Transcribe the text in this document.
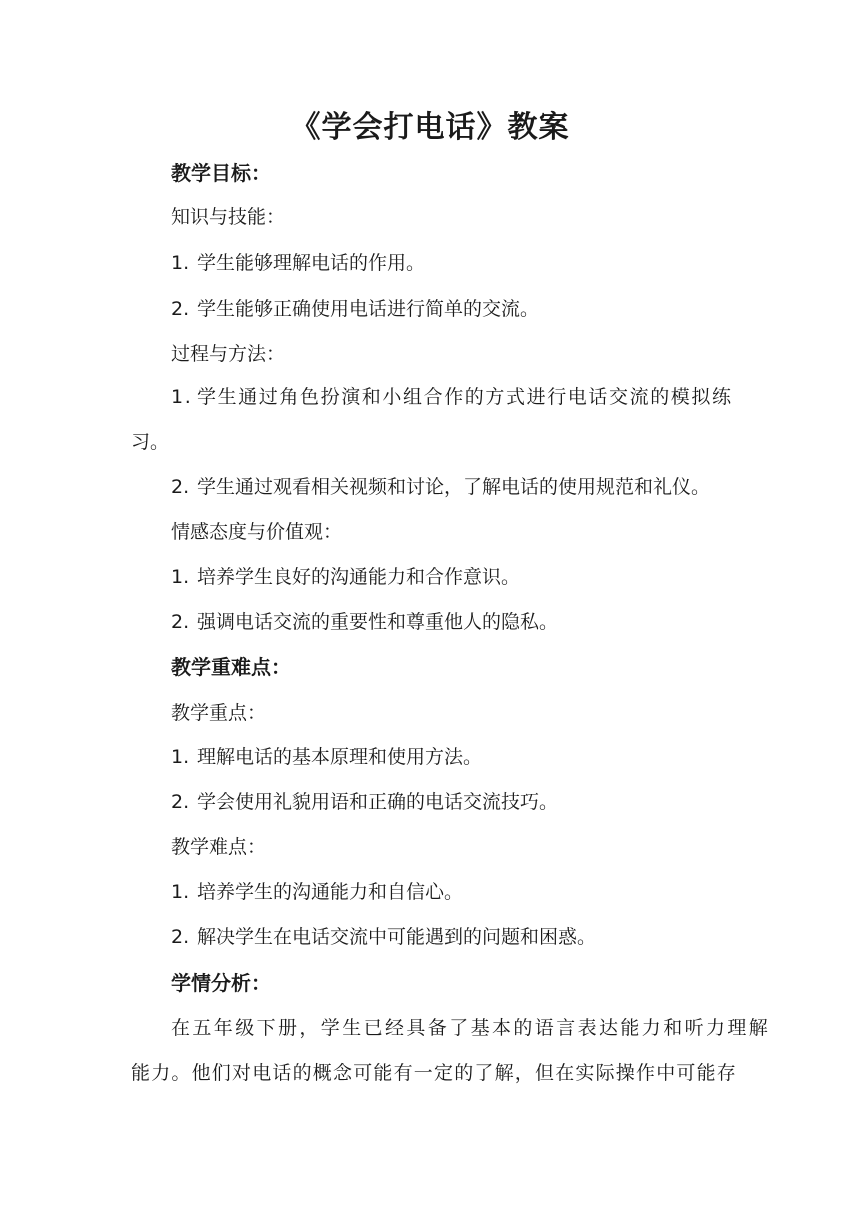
《学会打电话》教案

教学目标：

知识与技能：

1. 学生能够理解电话的作用。

2. 学生能够正确使用电话进行简单的交流。

过程与方法：

1. 学生通过角色扮演和小组合作的方式进行电话交流的模拟练

习。

2. 学生通过观看相关视频和讨论，了解电话的使用规范和礼仪。

情感态度与价值观：

1. 培养学生良好的沟通能力和合作意识。

2. 强调电话交流的重要性和尊重他人的隐私。

教学重难点：

教学重点：

1. 理解电话的基本原理和使用方法。

2. 学会使用礼貌用语和正确的电话交流技巧。

教学难点：

1. 培养学生的沟通能力和自信心。

2. 解决学生在电话交流中可能遇到的问题和困惑。

学情分析：

在五年级下册，学生已经具备了基本的语言表达能力和听力理解

能力。他们对电话的概念可能有一定的了解，但在实际操作中可能存
